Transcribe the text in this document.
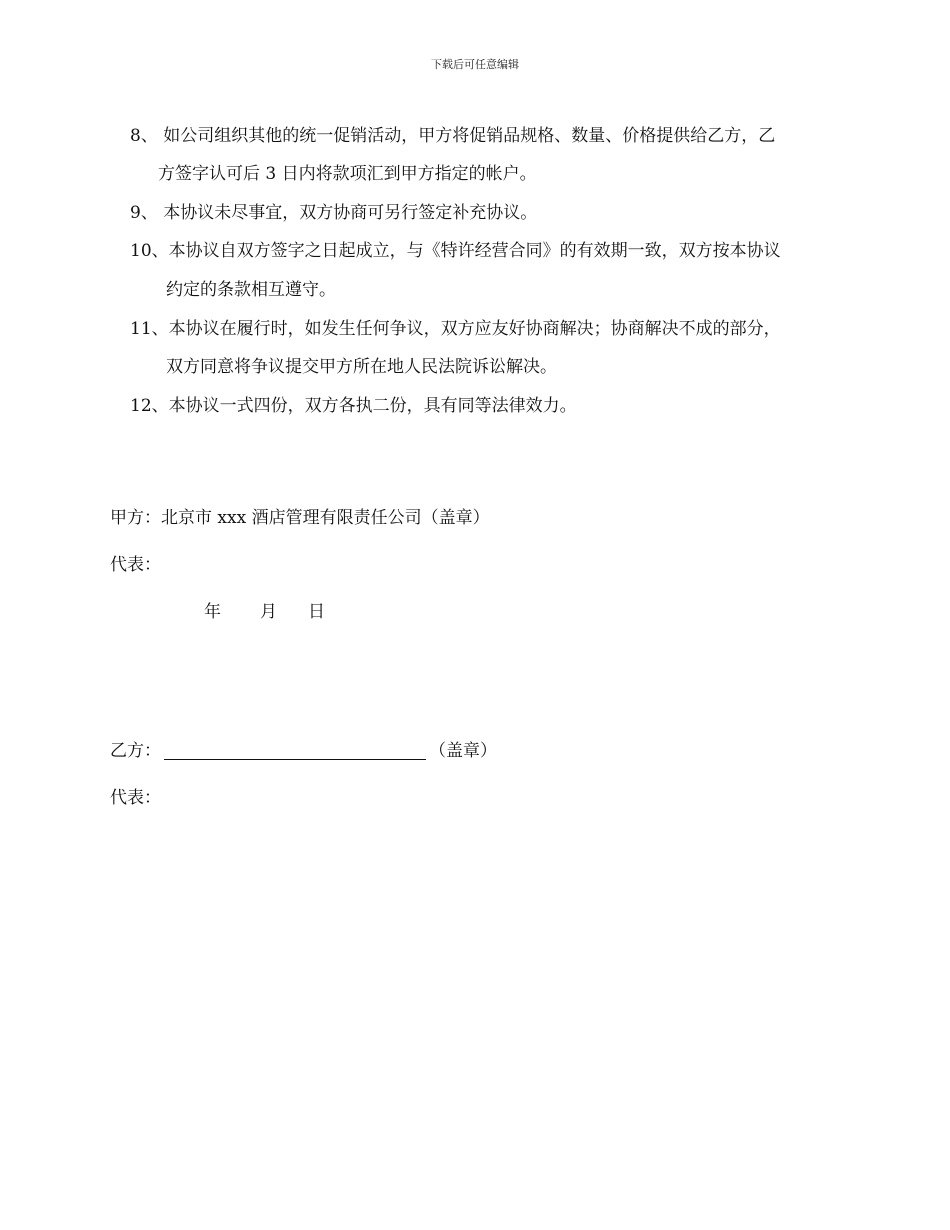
下载后可任意编辑
8、 如公司组织其他的统一促销活动，甲方将促销品规格、数量、价格提供给乙方，乙
方签字认可后 3 日内将款项汇到甲方指定的帐户。
9、 本协议未尽事宜，双方协商可另行签定补充协议。
10、本协议自双方签字之日起成立，与《特许经营合同》的有效期一致，双方按本协议
约定的条款相互遵守。
11、本协议在履行时，如发生任何争议，双方应友好协商解决；协商解决不成的部分，
双方同意将争议提交甲方所在地人民法院诉讼解决。
12、本协议一式四份，双方各执二份，具有同等法律效力。
甲方：北京市 xxx 酒店管理有限责任公司（盖章）
代表：
年 月 日
乙方：	（盖章）
代表：
